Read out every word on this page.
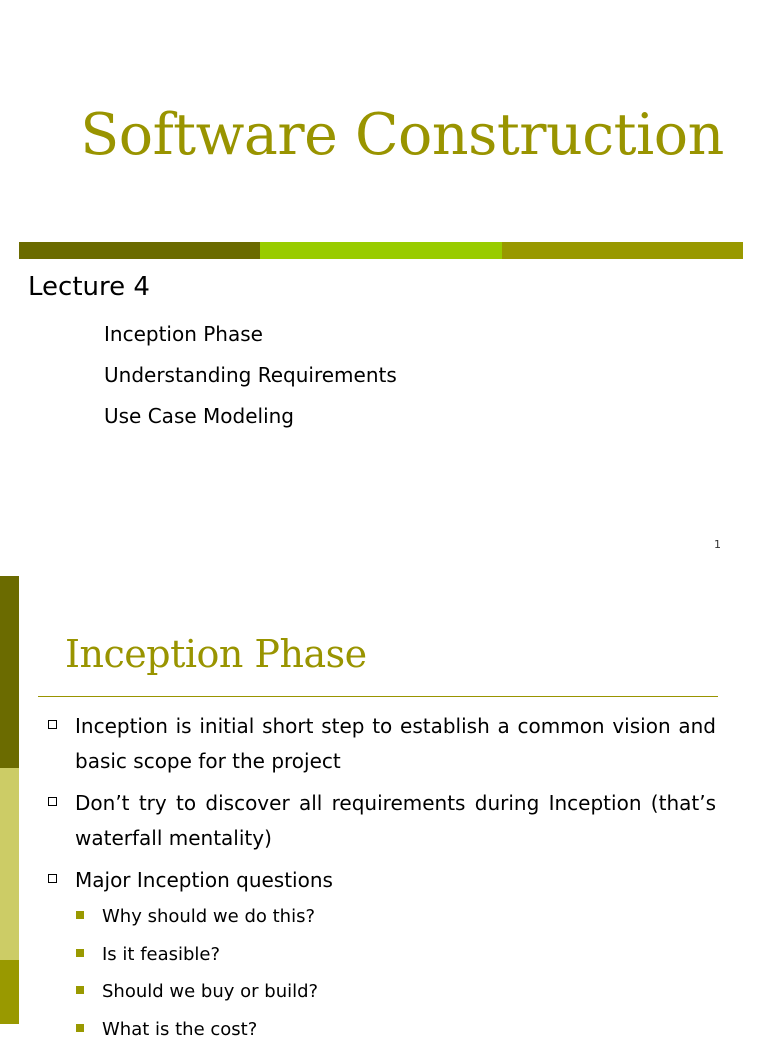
Software Construction
Lecture 4
Inception Phase
Understanding Requirements
Use Case Modeling
1
Inception Phase
Inception is initial short step to establish a common vision and basic scope for the project
Don’t try to discover all requirements during Inception (that’s waterfall mentality)
Major Inception questions
Why should we do this?
Is it feasible?
Should we buy or build?
What is the cost?
